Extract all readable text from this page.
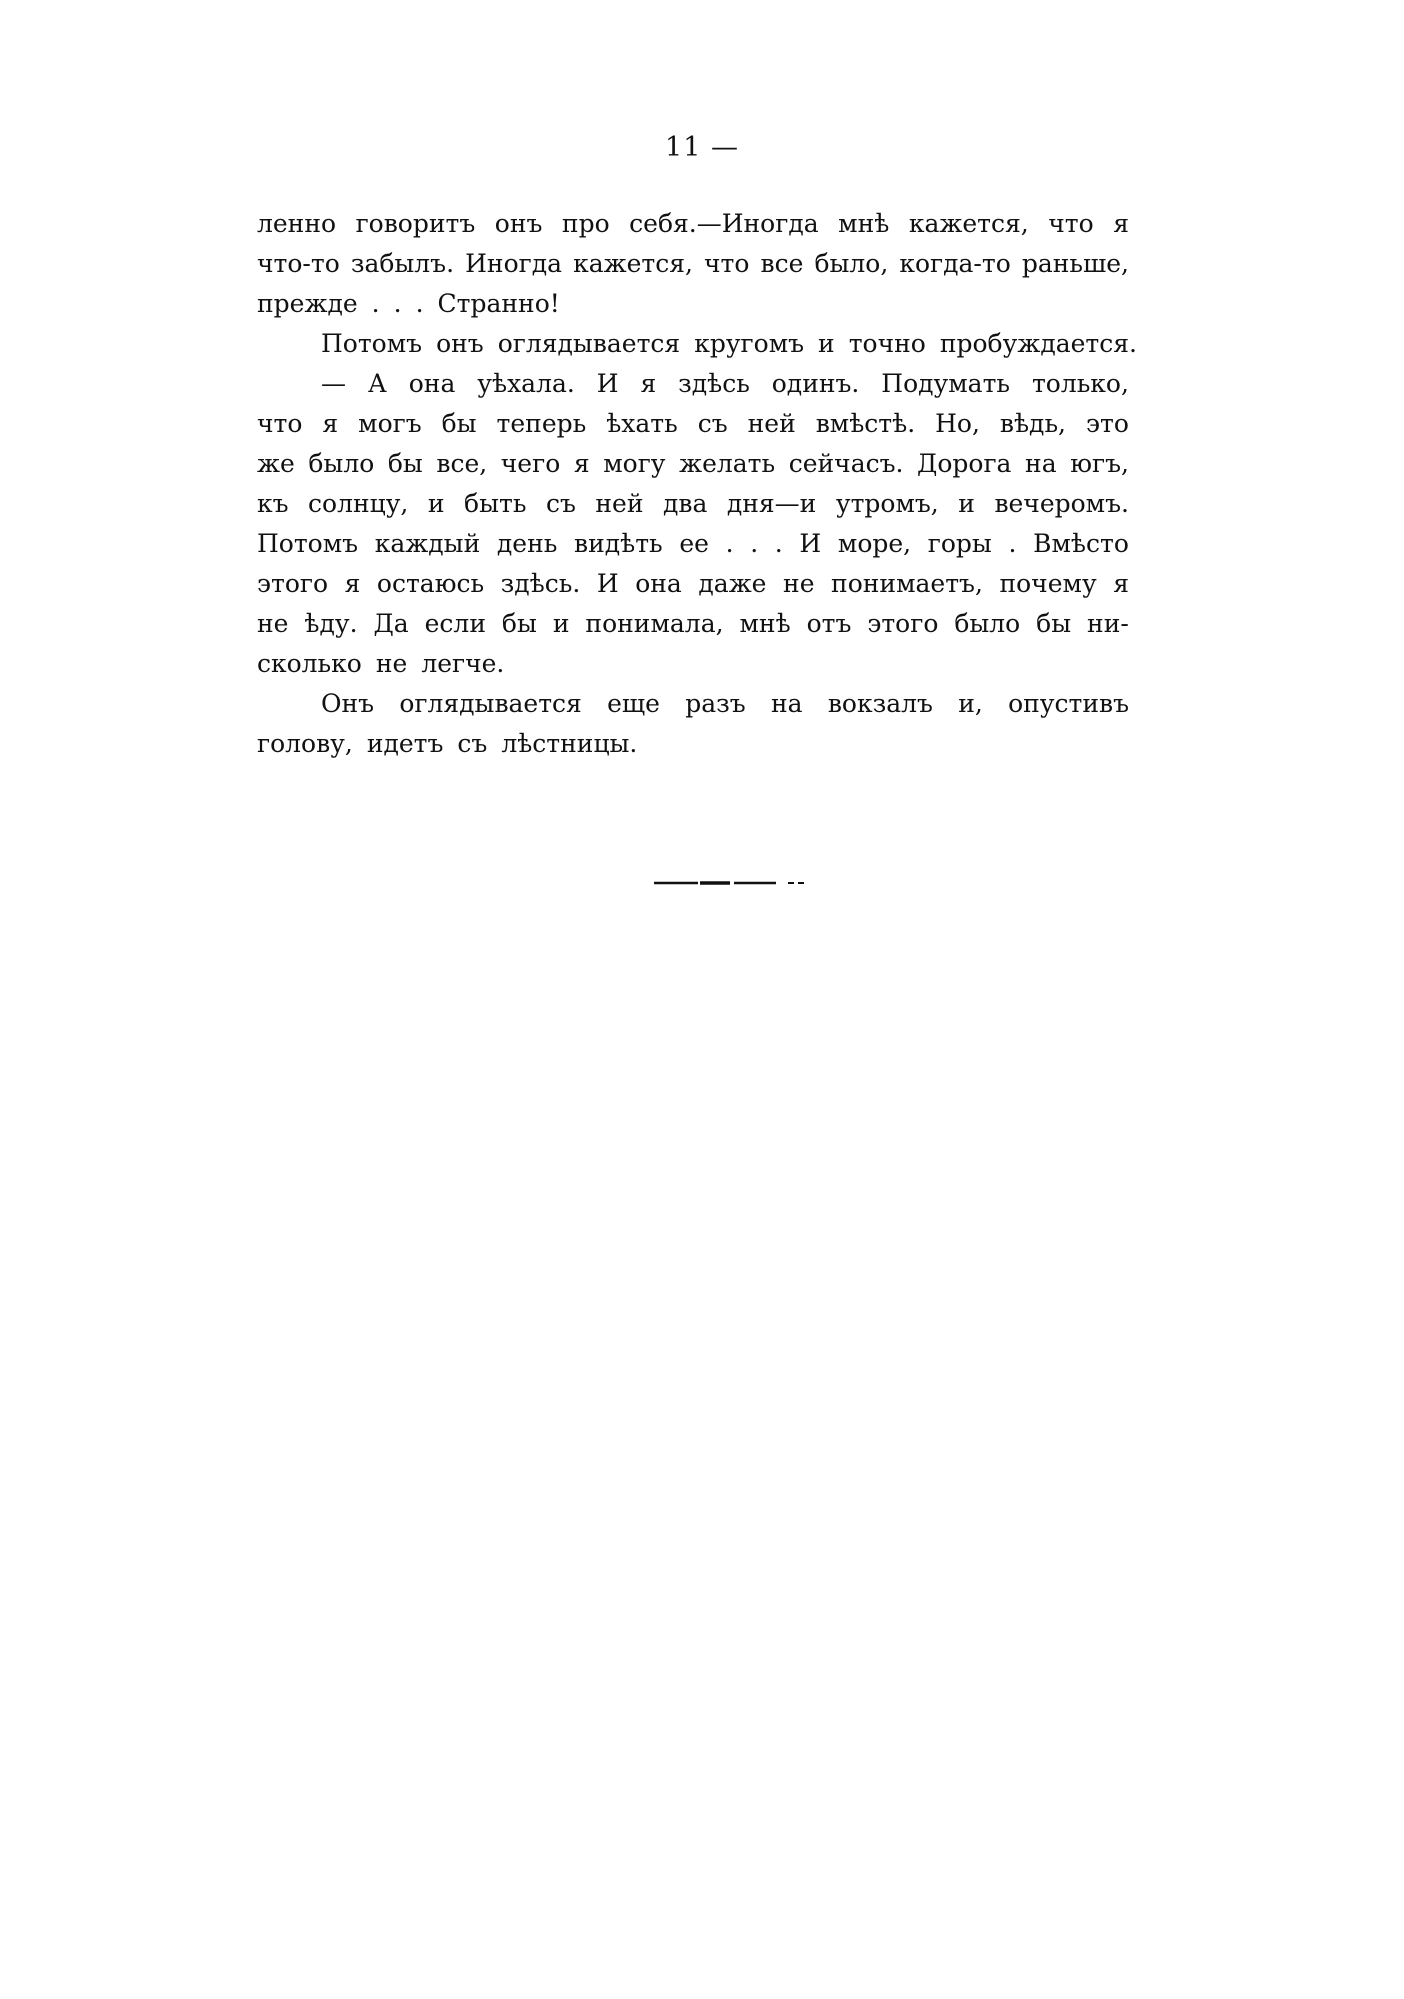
11 —
ленно говоритъ онъ про себя.—Иногда мнѣ кажется, что я
что-то забылъ. Иногда кажется, что все было, когда-то раньше,
прежде . . . Странно!
Потомъ онъ оглядывается кругомъ и точно пробуждается.
— А она уѣхала. И я здѣсь одинъ. Подумать только,
что я могъ бы теперь ѣхать съ ней вмѣстѣ. Но, вѣдь, это
же было бы все, чего я могу желать сейчасъ. Дорога на югъ,
къ солнцу, и быть съ ней два дня—и утромъ, и вечеромъ.
Потомъ каждый день видѣть ее . . . И море, горы . Вмѣсто
этого я остаюсь здѣсь. И она даже не понимаетъ, почему я
не ѣду. Да если бы и понимала, мнѣ отъ этого было бы ни-
сколько не легче.
Онъ оглядывается еще разъ на вокзалъ и, опустивъ
голову, идетъ съ лѣстницы.
